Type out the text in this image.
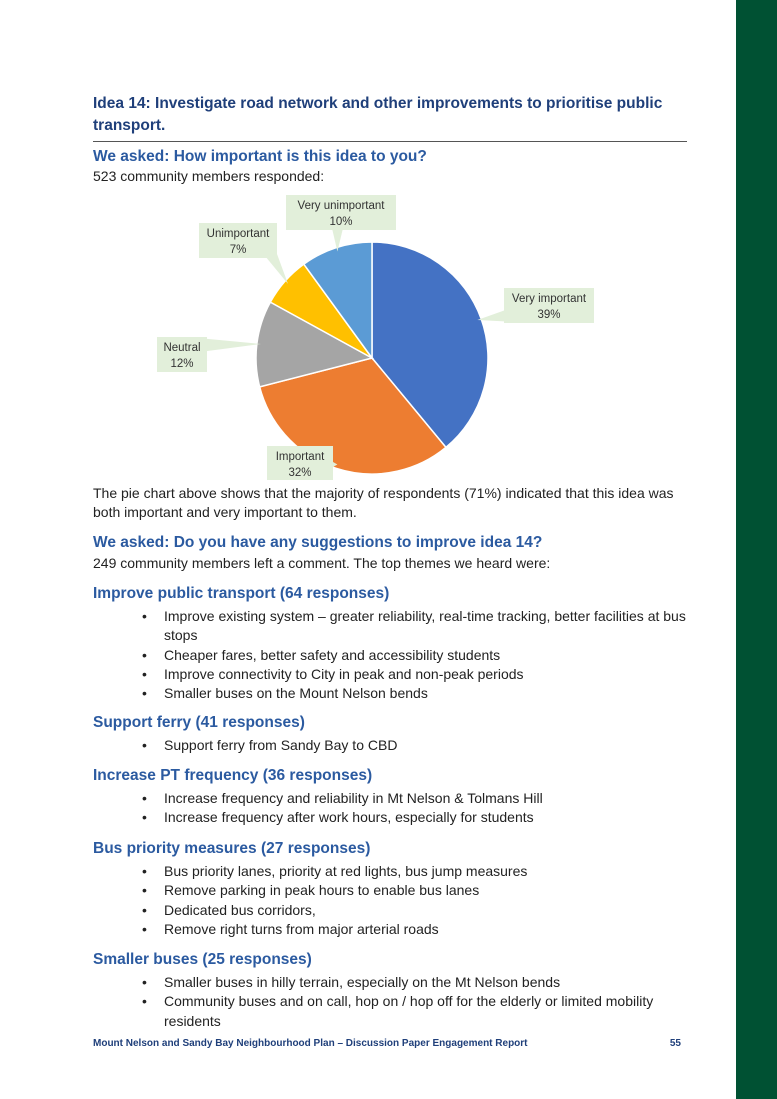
Idea 14: Investigate road network and other improvements to prioritise public transport.
We asked: How important is this idea to you?

523 community members responded:

Very important
39%
Important
32%
Neutral
12%
Unimportant
7%
Very unimportant
10%

The pie chart above shows that the majority of respondents (71%) indicated that this idea was both important and very important to them.

We asked: Do you have any suggestions to improve idea 14?

249 community members left a comment. The top themes we heard were:

Improve public transport (64 responses)
• Improve existing system – greater reliability, real-time tracking, better facilities at bus stops
• Cheaper fares, better safety and accessibility students
• Improve connectivity to City in peak and non-peak periods
• Smaller buses on the Mount Nelson bends
Support ferry (41 responses)
• Support ferry from Sandy Bay to CBD
Increase PT frequency (36 responses)
• Increase frequency and reliability in Mt Nelson & Tolmans Hill
• Increase frequency after work hours, especially for students
Bus priority measures (27 responses)
• Bus priority lanes, priority at red lights, bus jump measures
• Remove parking in peak hours to enable bus lanes
• Dedicated bus corridors,
• Remove right turns from major arterial roads
Smaller buses (25 responses)
• Smaller buses in hilly terrain, especially on the Mt Nelson bends
• Community buses and on call, hop on / hop off for the elderly or limited mobility residents
Mount Nelson and Sandy Bay Neighbourhood Plan – Discussion Paper Engagement Report	55
